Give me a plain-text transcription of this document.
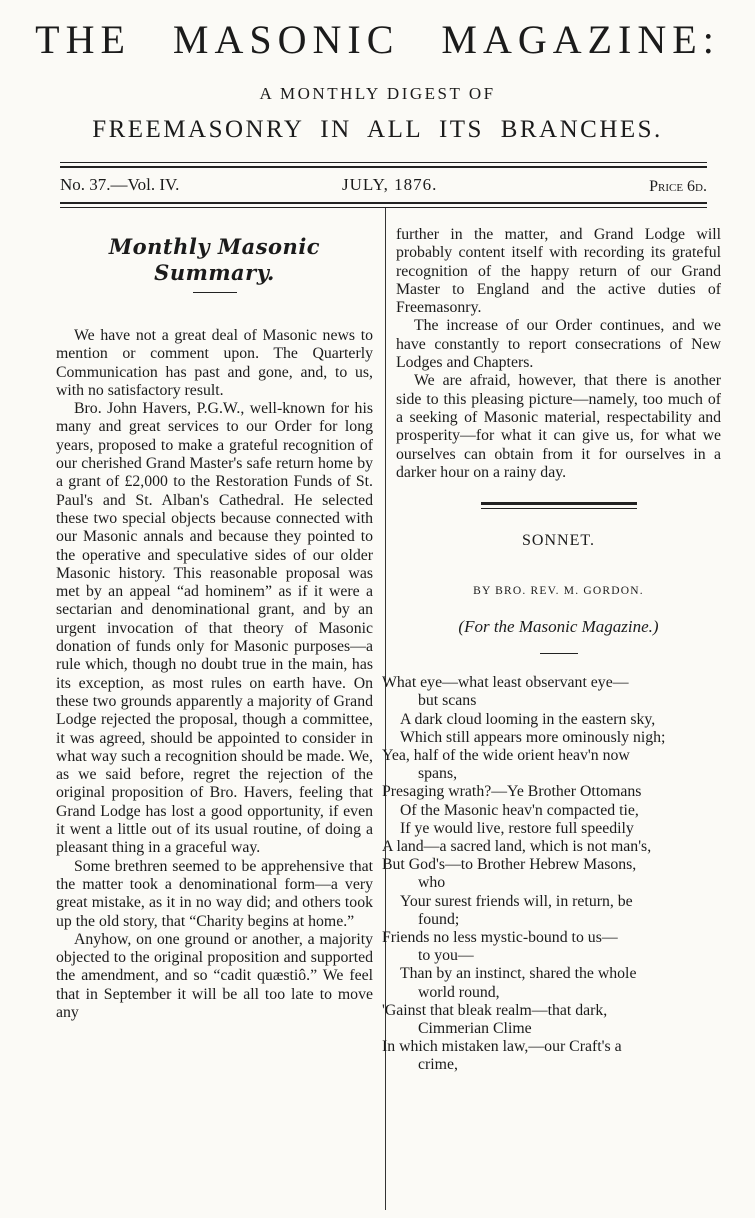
THE MASONIC MAGAZINE:
A MONTHLY DIGEST OF
FREEMASONRY IN ALL ITS BRANCHES.
No. 37.—Vol. IV.	JULY, 1876.	Price 6d.
Monthly Masonic Summary.

We have not a great deal of Masonic news to mention or comment upon. The Quarterly Communication has past and gone, and, to us, with no satisfactory result.

Bro. John Havers, P.G.W., well-known for his many and great services to our Order for long years, proposed to make a grateful recognition of our cherished Grand Master's safe return home by a grant of £2,000 to the Restoration Funds of St. Paul's and St. Alban's Cathedral. He selected these two special objects because connected with our Masonic annals and because they pointed to the operative and speculative sides of our older Masonic history. This reasonable proposal was met by an appeal “ad hominem” as if it were a sectarian and denominational grant, and by an urgent invocation of that theory of Masonic donation of funds only for Masonic purposes—a rule which, though no doubt true in the main, has its exception, as most rules on earth have. On these two grounds apparently a majority of Grand Lodge rejected the proposal, though a committee, it was agreed, should be appointed to consider in what way such a recognition should be made. We, as we said before, regret the rejection of the original proposition of Bro. Havers, feeling that Grand Lodge has lost a good opportunity, if even it went a little out of its usual routine, of doing a pleasant thing in a graceful way.

Some brethren seemed to be apprehensive that the matter took a denominational form—a very great mistake, as it in no way did; and others took up the old story, that “Charity begins at home.”

Anyhow, on one ground or another, a majority objected to the original proposition and supported the amendment, and so “cadit quæstiô.” We feel that in September it will be all too late to move any

further in the matter, and Grand Lodge will probably content itself with recording its grateful recognition of the happy return of our Grand Master to England and the active duties of Freemasonry.

The increase of our Order continues, and we have constantly to report consecrations of New Lodges and Chapters.

We are afraid, however, that there is another side to this pleasing picture—namely, too much of a seeking of Masonic material, respectability and prosperity—for what it can give us, for what we ourselves can obtain from it for ourselves in a darker hour on a rainy day.

SONNET.
BY BRO. REV. M. GORDON.
(For the Masonic Magazine.)
What eye—what least observant eye—
but scans
A dark cloud looming in the eastern sky,
Which still appears more ominously nigh;
Yea, half of the wide orient heav'n now
spans,
Presaging wrath?—Ye Brother Ottomans
Of the Masonic heav'n compacted tie,
If ye would live, restore full speedily
A land—a sacred land, which is not man's,
But God's—to Brother Hebrew Masons,
who
Your surest friends will, in return, be
found;
Friends no less mystic-bound to us—
to you—
Than by an instinct, shared the whole
world round,
'Gainst that bleak realm—that dark,
Cimmerian Clime
In which mistaken law,—our Craft's a
crime,
